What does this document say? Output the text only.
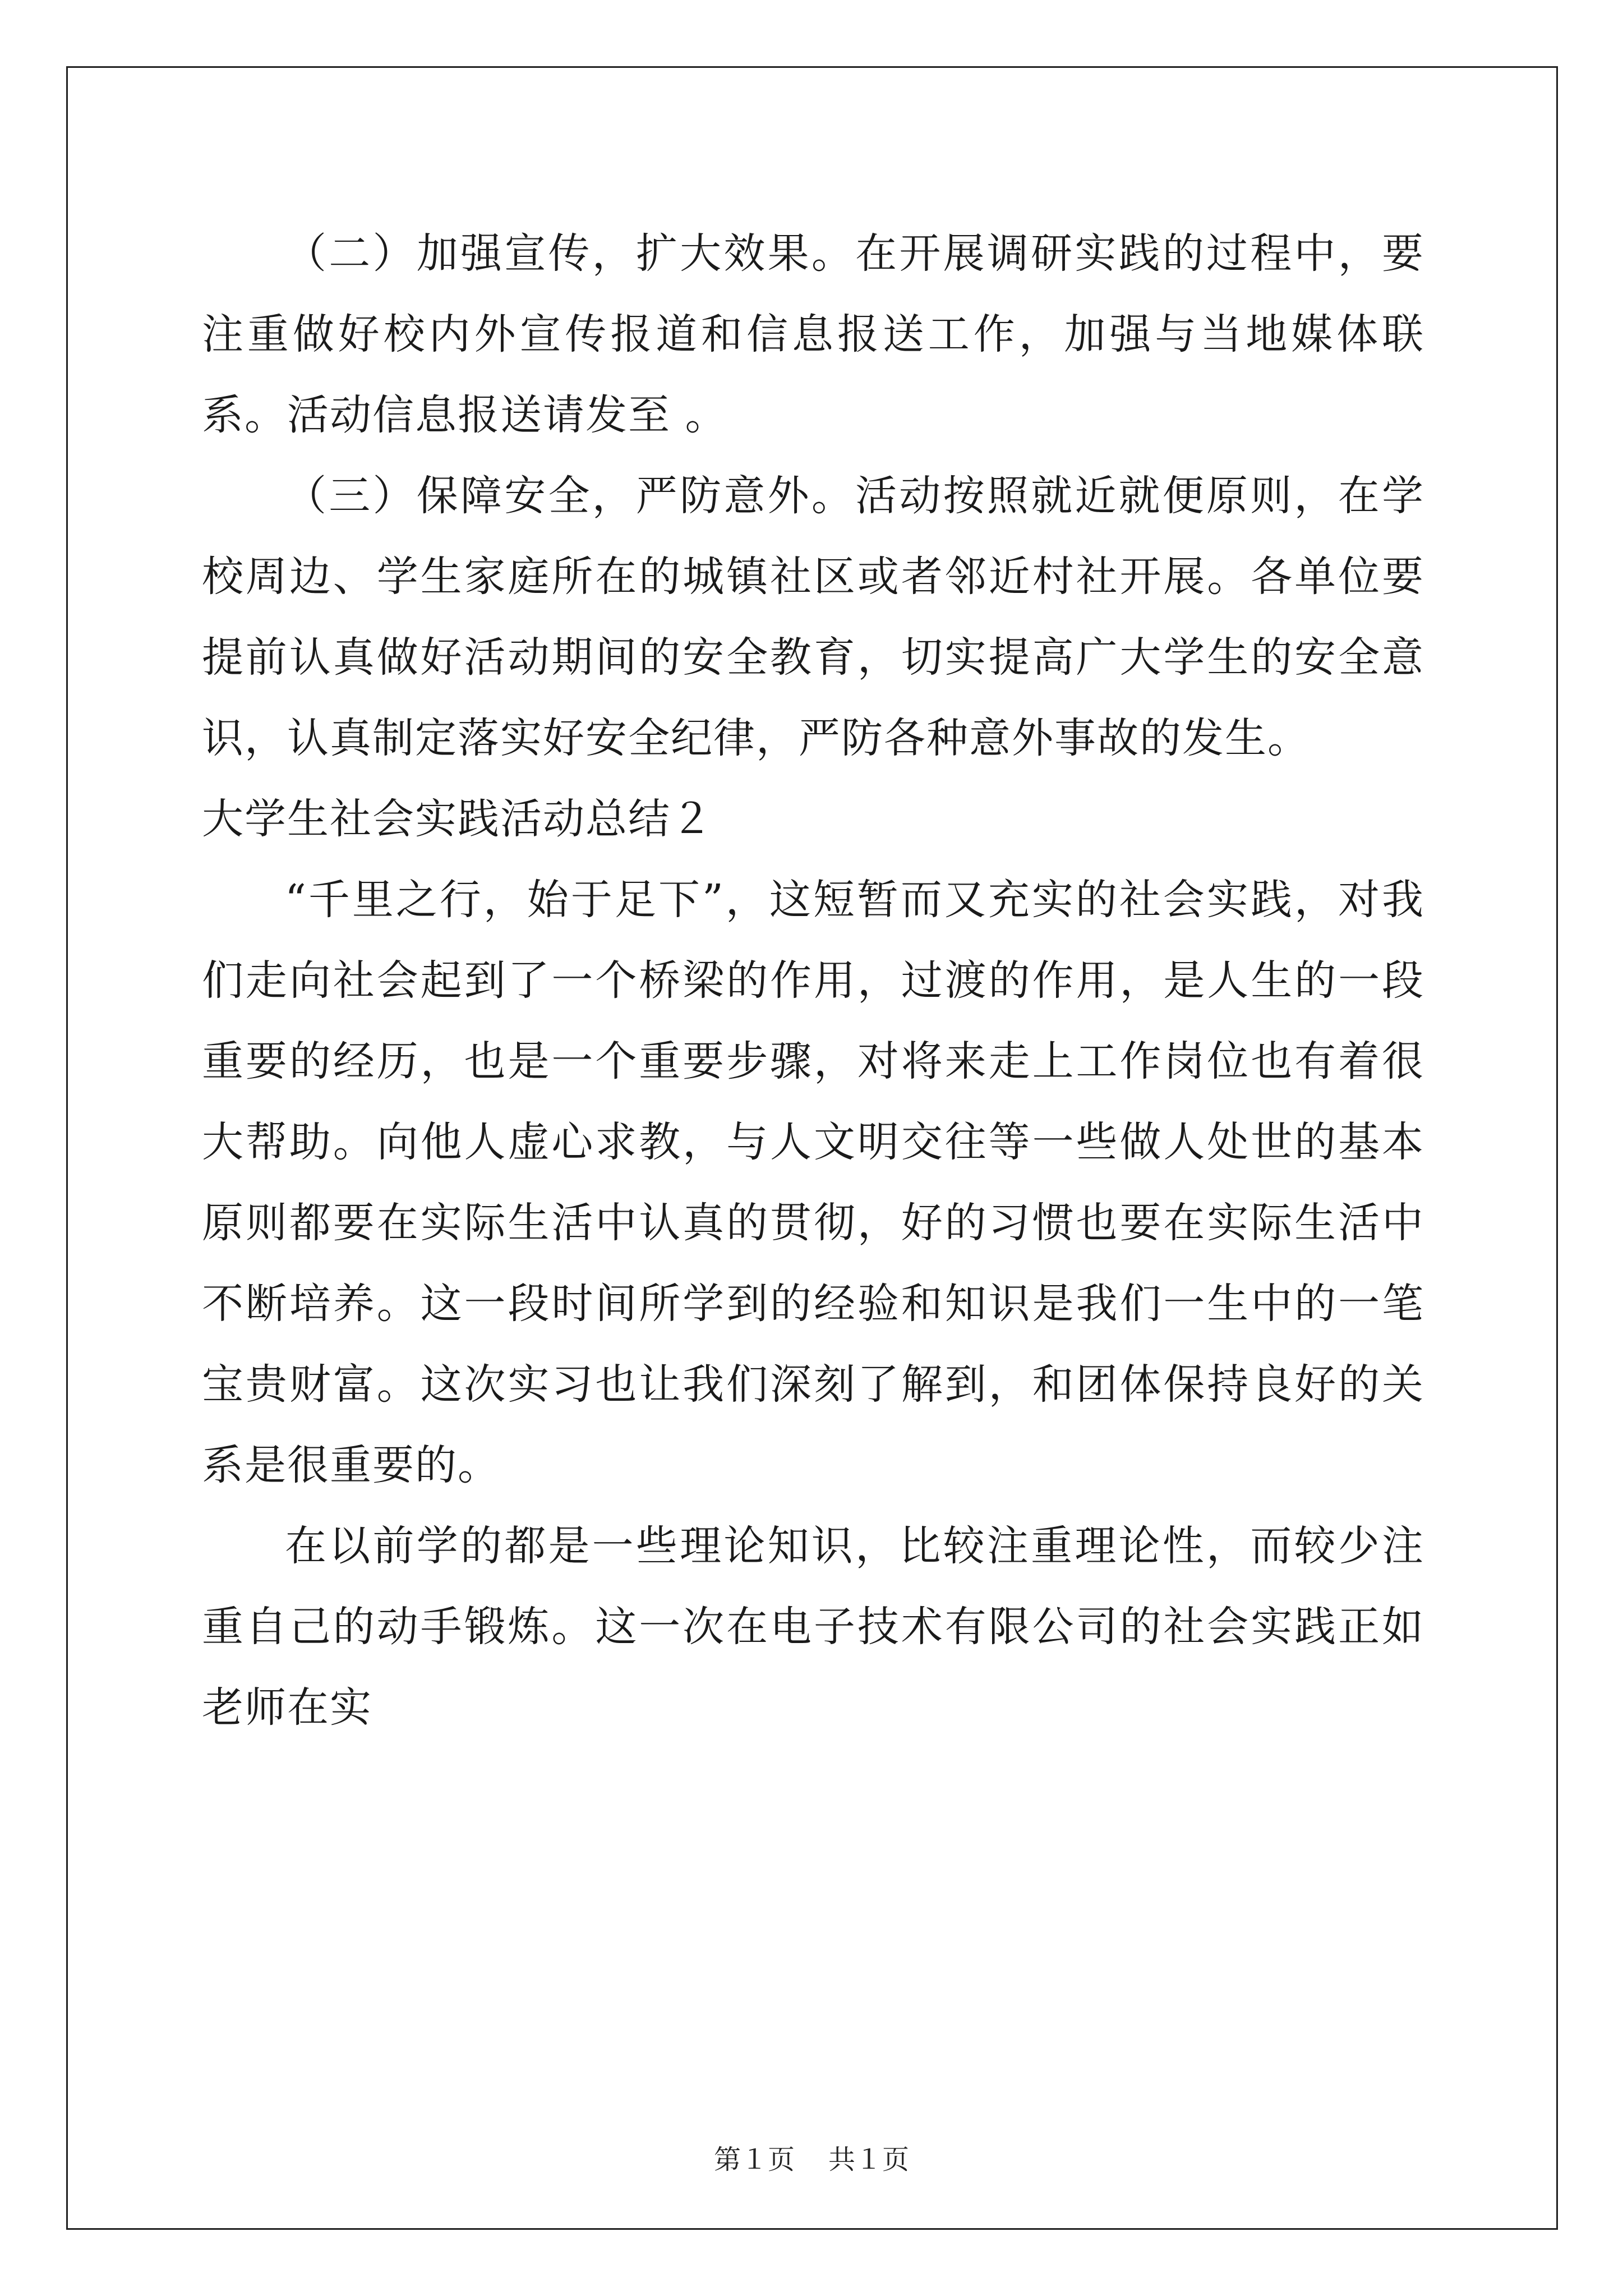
（二）加强宣传，扩大效果。在开展调研实践的过程中，要注重做好校内外宣传报道和信息报送工作，加强与当地媒体联系。活动信息报送请发至 。

（三）保障安全，严防意外。活动按照就近就便原则，在学校周边、学生家庭所在的城镇社区或者邻近村社开展。各单位要提前认真做好活动期间的安全教育，切实提高广大学生的安全意识，认真制定落实好安全纪律，严防各种意外事故的发生。

大学生社会实践活动总结２

“千里之行，始于足下”，这短暂而又充实的社会实践，对我们走向社会起到了一个桥梁的作用，过渡的作用，是人生的一段重要的经历，也是一个重要步骤，对将来走上工作岗位也有着很大帮助。向他人虚心求教，与人文明交往等一些做人处世的基本原则都要在实际生活中认真的贯彻，好的习惯也要在实际生活中不断培养。这一段时间所学到的经验和知识是我们一生中的一笔宝贵财富。这次实习也让我们深刻了解到，和团体保持良好的关系是很重要的。

在以前学的都是一些理论知识，比较注重理论性，而较少注重自己的动手锻炼。这一次在电子技术有限公司的社会实践正如老师在实

第１页 共１页
